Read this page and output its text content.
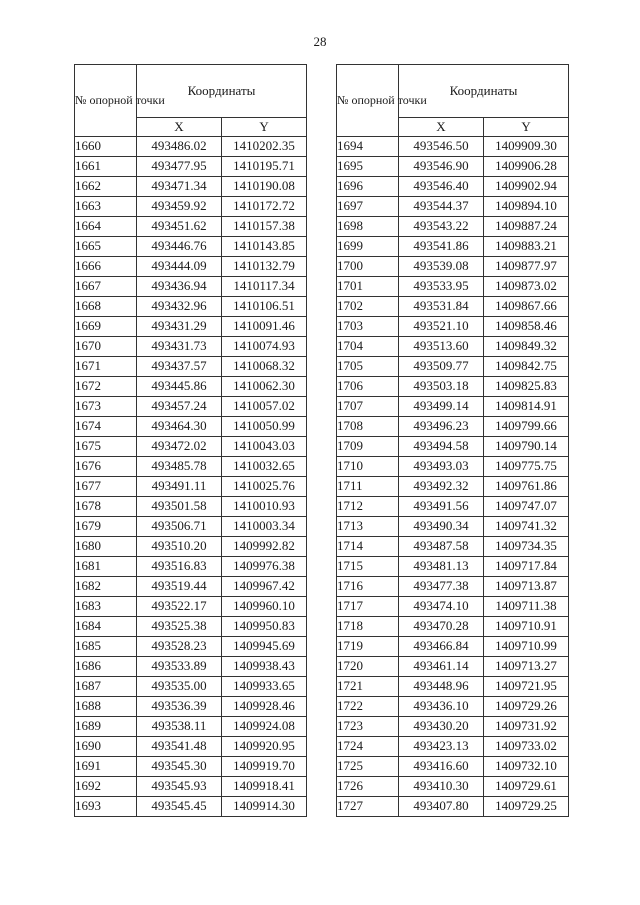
28
№ опорной точки	Координаты	
	X	Y
1660	493486.02	1410202.35
1661	493477.95	1410195.71
1662	493471.34	1410190.08
1663	493459.92	1410172.72
1664	493451.62	1410157.38
1665	493446.76	1410143.85
1666	493444.09	1410132.79
1667	493436.94	1410117.34
1668	493432.96	1410106.51
1669	493431.29	1410091.46
1670	493431.73	1410074.93
1671	493437.57	1410068.32
1672	493445.86	1410062.30
1673	493457.24	1410057.02
1674	493464.30	1410050.99
1675	493472.02	1410043.03
1676	493485.78	1410032.65
1677	493491.11	1410025.76
1678	493501.58	1410010.93
1679	493506.71	1410003.34
1680	493510.20	1409992.82
1681	493516.83	1409976.38
1682	493519.44	1409967.42
1683	493522.17	1409960.10
1684	493525.38	1409950.83
1685	493528.23	1409945.69
1686	493533.89	1409938.43
1687	493535.00	1409933.65
1688	493536.39	1409928.46
1689	493538.11	1409924.08
1690	493541.48	1409920.95
1691	493545.30	1409919.70
1692	493545.93	1409918.41
1693	493545.45	1409914.30
№ опорной точки	Координаты	
	X	Y
1694	493546.50	1409909.30
1695	493546.90	1409906.28
1696	493546.40	1409902.94
1697	493544.37	1409894.10
1698	493543.22	1409887.24
1699	493541.86	1409883.21
1700	493539.08	1409877.97
1701	493533.95	1409873.02
1702	493531.84	1409867.66
1703	493521.10	1409858.46
1704	493513.60	1409849.32
1705	493509.77	1409842.75
1706	493503.18	1409825.83
1707	493499.14	1409814.91
1708	493496.23	1409799.66
1709	493494.58	1409790.14
1710	493493.03	1409775.75
1711	493492.32	1409761.86
1712	493491.56	1409747.07
1713	493490.34	1409741.32
1714	493487.58	1409734.35
1715	493481.13	1409717.84
1716	493477.38	1409713.87
1717	493474.10	1409711.38
1718	493470.28	1409710.91
1719	493466.84	1409710.99
1720	493461.14	1409713.27
1721	493448.96	1409721.95
1722	493436.10	1409729.26
1723	493430.20	1409731.92
1724	493423.13	1409733.02
1725	493416.60	1409732.10
1726	493410.30	1409729.61
1727	493407.80	1409729.25
